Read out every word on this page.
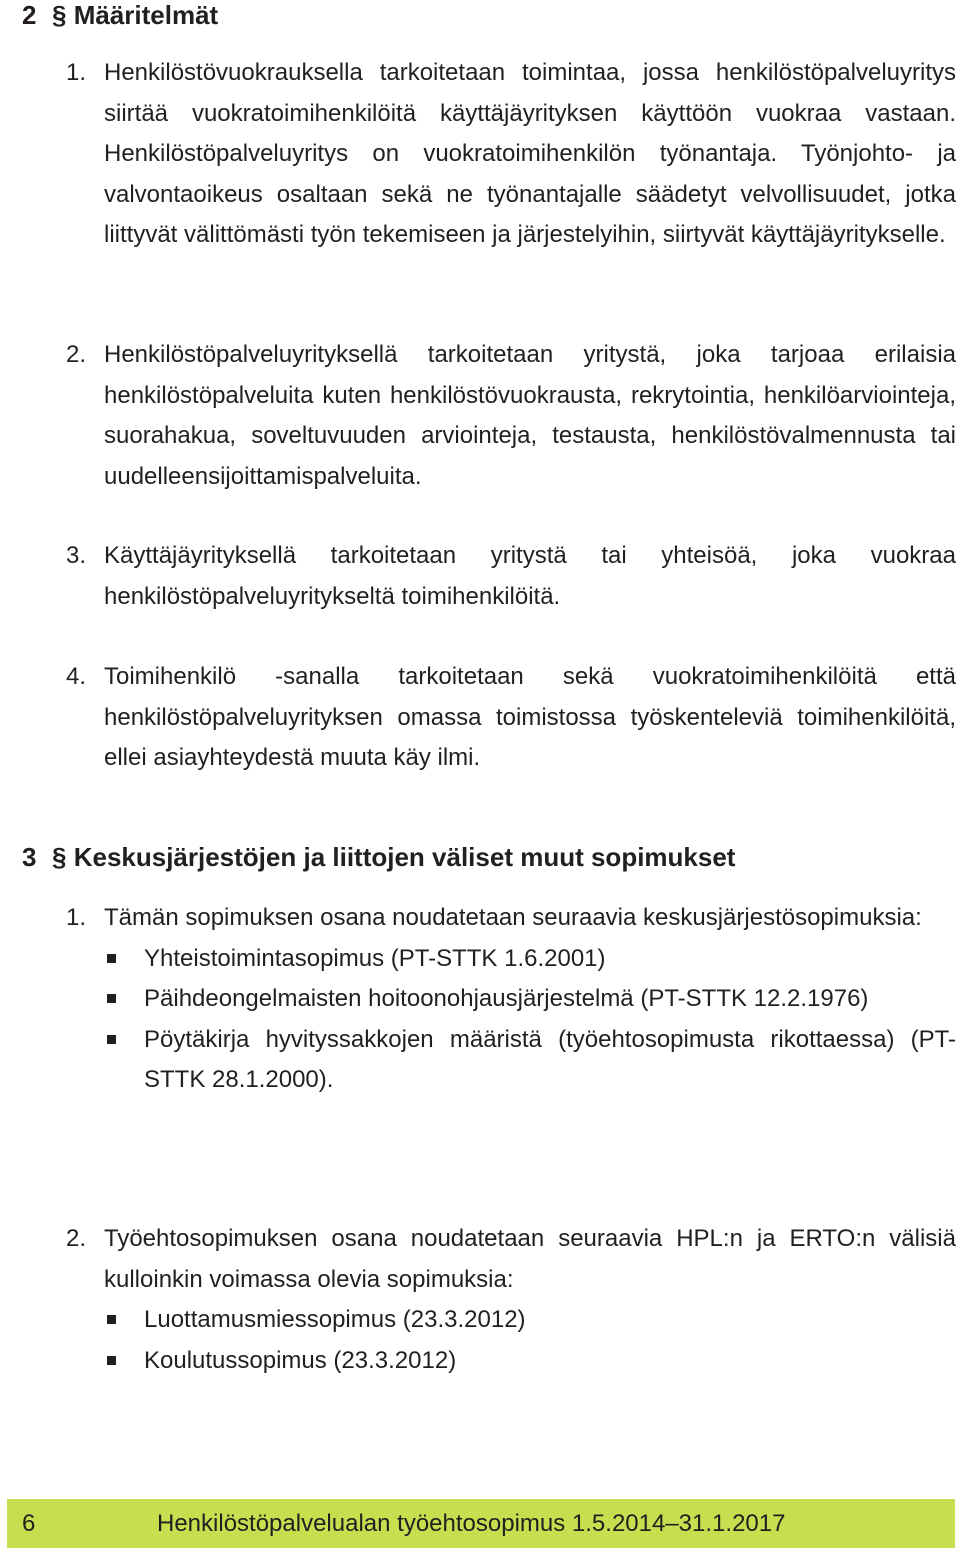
2 § Määritelmät
1. Henkilöstövuokrauksella tarkoitetaan toimintaa, jossa henkilöstöpalveluyritys siirtää vuokratoimihenkilöitä käyttäjäyrityksen käyttöön vuokraa vastaan. Henkilöstöpalveluyritys on vuokratoimihenkilön työnantaja. Työnjohto- ja valvontaoikeus osaltaan sekä ne työnantajalle säädetyt velvollisuudet, jotka liittyvät välittömästi työn tekemiseen ja järjestelyihin, siirtyvät käyttäjäyritykselle.
2. Henkilöstöpalveluyrityksellä tarkoitetaan yritystä, joka tarjoaa erilaisia henkilöstöpalveluita kuten henkilöstövuokrausta, rekrytointia, henkilöarviointeja, suorahakua, soveltuvuuden arviointeja, testausta, henkilöstövalmennusta tai uudelleensijoittamispalveluita.
3. Käyttäjäyrityksellä tarkoitetaan yritystä tai yhteisöä, joka vuokraa henkilöstöpalveluyritykseltä toimihenkilöitä.
4. Toimihenkilö -sanalla tarkoitetaan sekä vuokratoimihenkilöitä että henkilöstöpalveluyrityksen omassa toimistossa työskenteleviä toimihenkilöitä, ellei asiayhteydestä muuta käy ilmi.
3 § Keskusjärjestöjen ja liittojen väliset muut sopimukset
1. Tämän sopimuksen osana noudatetaan seuraavia keskusjärjestösopimuksia:

Yhteistoimintasopimus (PT-STTK 1.6.2001)

Päihdeongelmaisten hoitoonohjausjärjestelmä (PT-STTK 12.2.1976)

Pöytäkirja hyvityssakkojen määristä (työehtosopimusta rikottaessa) (PT-STTK 28.1.2000).

2. Työehtosopimuksen osana noudatetaan seuraavia HPL:n ja ERTO:n välisiä kulloinkin voimassa olevia sopimuksia:

Luottamusmiessopimus (23.3.2012)

Koulutussopimus (23.3.2012)

6	Henkilöstöpalvelualan työehtosopimus 1.5.2014–31.1.2017
